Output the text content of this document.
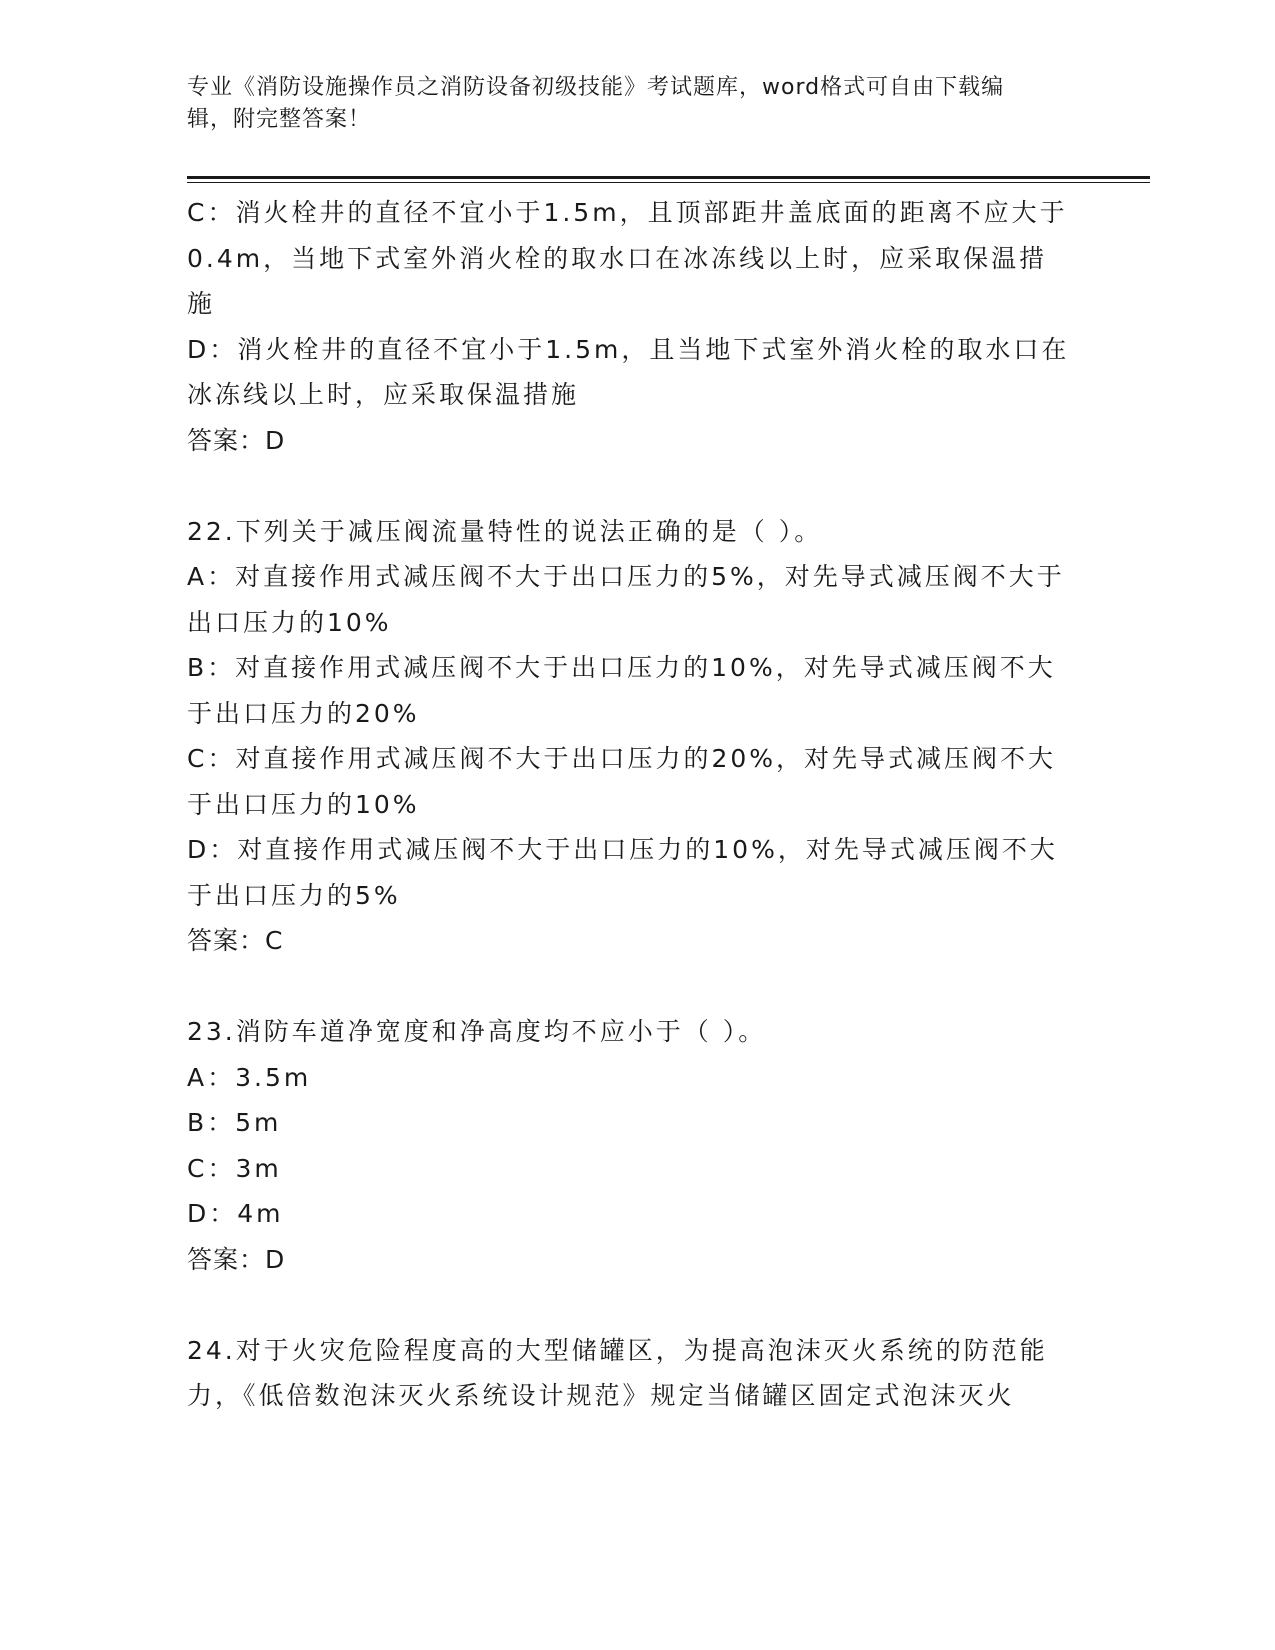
专业《消防设施操作员之消防设备初级技能》考试题库，word格式可自由下载编
辑，附完整答案！
C：消火栓井的直径不宜小于1.5m，且顶部距井盖底面的距离不应大于
0.4m，当地下式室外消火栓的取水口在冰冻线以上时，应采取保温措
施
D：消火栓井的直径不宜小于1.5m，且当地下式室外消火栓的取水口在
冰冻线以上时，应采取保温措施
答案：D
22.下列关于减压阀流量特性的说法正确的是（ ）。
A：对直接作用式减压阀不大于出口压力的5%，对先导式减压阀不大于
出口压力的10%
B：对直接作用式减压阀不大于出口压力的10%，对先导式减压阀不大
于出口压力的20%
C：对直接作用式减压阀不大于出口压力的20%，对先导式减压阀不大
于出口压力的10%
D：对直接作用式减压阀不大于出口压力的10%，对先导式减压阀不大
于出口压力的5%
答案：C
23.消防车道净宽度和净高度均不应小于（ ）。
A：3.5m
B：5m
C：3m
D：4m
答案：D
24.对于火灾危险程度高的大型储罐区，为提高泡沫灭火系统的防范能
力，《低倍数泡沫灭火系统设计规范》规定当储罐区固定式泡沫灭火
